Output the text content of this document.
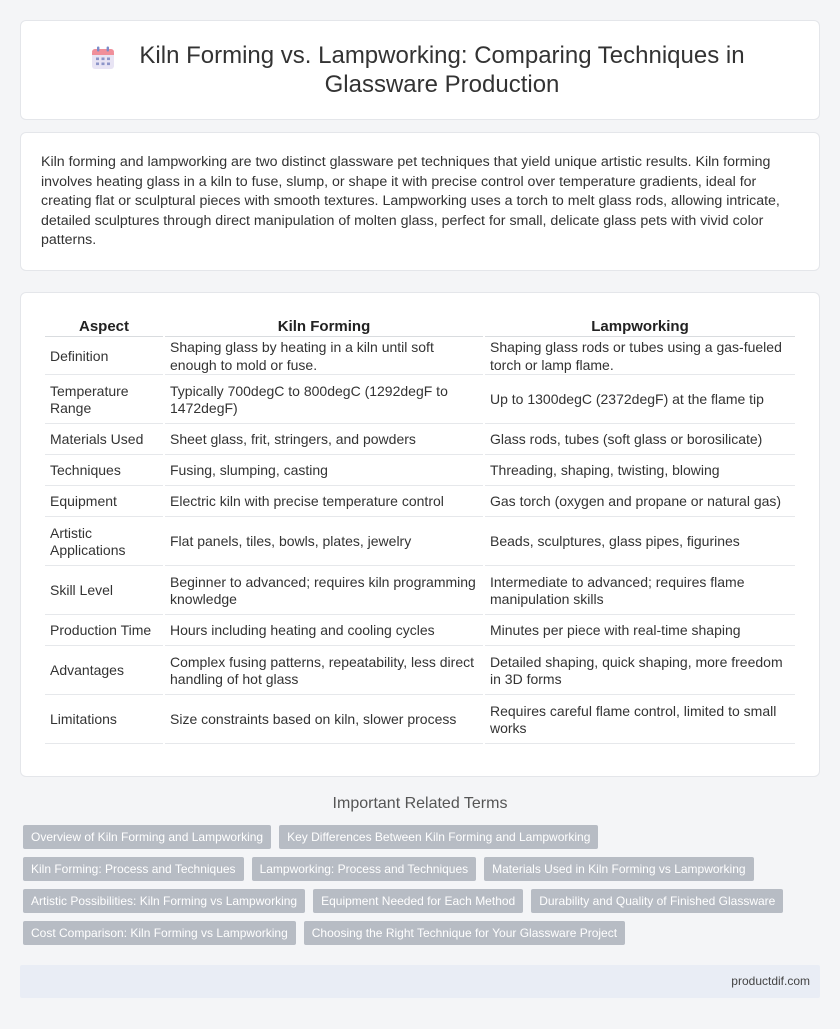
Kiln Forming vs. Lampworking: Comparing Techniques in Glassware Production

Kiln forming and lampworking are two distinct glassware pet techniques that yield unique artistic results. Kiln forming involves heating glass in a kiln to fuse, slump, or shape it with precise control over temperature gradients, ideal for creating flat or sculptural pieces with smooth textures. Lampworking uses a torch to melt glass rods, allowing intricate, detailed sculptures through direct manipulation of molten glass, perfect for small, delicate glass pets with vivid color patterns.

Aspect	Kiln Forming	Lampworking
Definition	Shaping glass by heating in a kiln until soft enough to mold or fuse.	Shaping glass rods or tubes using a gas-fueled torch or lamp flame.
Temperature Range	Typically 700degC to 800degC (1292degF to 1472degF)	Up to 1300degC (2372degF) at the flame tip
Materials Used	Sheet glass, frit, stringers, and powders	Glass rods, tubes (soft glass or borosilicate)
Techniques	Fusing, slumping, casting	Threading, shaping, twisting, blowing
Equipment	Electric kiln with precise temperature control	Gas torch (oxygen and propane or natural gas)
Artistic Applications	Flat panels, tiles, bowls, plates, jewelry	Beads, sculptures, glass pipes, figurines
Skill Level	Beginner to advanced; requires kiln programming knowledge	Intermediate to advanced; requires flame manipulation skills
Production Time	Hours including heating and cooling cycles	Minutes per piece with real-time shaping
Advantages	Complex fusing patterns, repeatability, less direct handling of hot glass	Detailed shaping, quick shaping, more freedom in 3D forms
Limitations	Size constraints based on kiln, slower process	Requires careful flame control, limited to small works
Important Related Terms
Overview of Kiln Forming and Lampworking	Key Differences Between Kiln Forming and Lampworking
Kiln Forming: Process and Techniques	Lampworking: Process and Techniques	Materials Used in Kiln Forming vs Lampworking
Artistic Possibilities: Kiln Forming vs Lampworking	Equipment Needed for Each Method	Durability and Quality of Finished Glassware
Cost Comparison: Kiln Forming vs Lampworking	Choosing the Right Technique for Your Glassware Project
productdif.com
